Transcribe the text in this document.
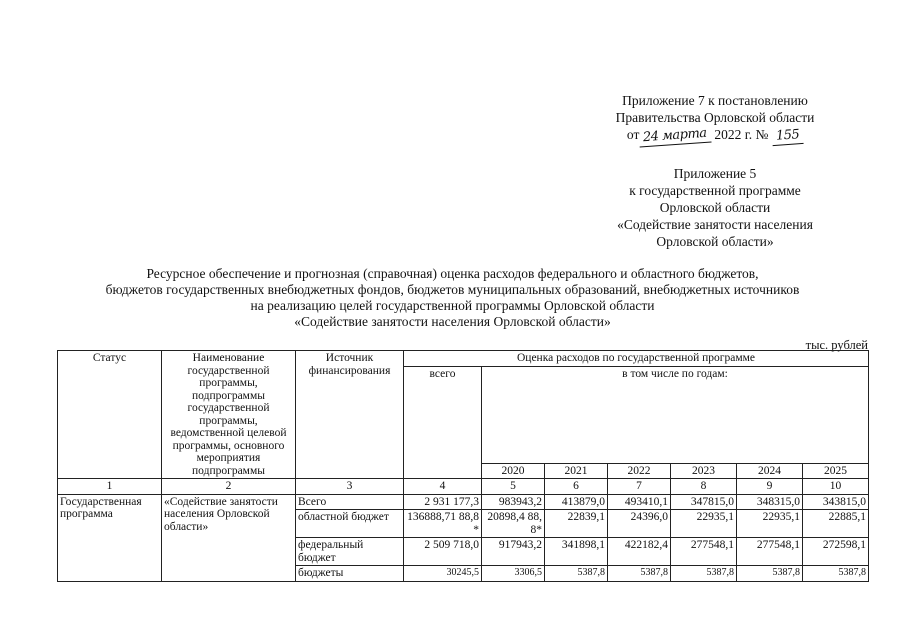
Приложение 7 к постановлению
Правительства Орловской области
от 24 марта 2022 г. № 155
Приложение 5
к государственной программе
Орловской области
«Содействие занятости населения
Орловской области»
Ресурсное обеспечение и прогнозная (справочная) оценка расходов федерального и областного бюджетов,
бюджетов государственных внебюджетных фондов, бюджетов муниципальных образований, внебюджетных источников
на реализацию целей государственной программы Орловской области
«Содействие занятости населения Орловской области»
тыс. рублей
Статус	Наименование государственной программы, подпрограммы государственной программы, ведомственной целевой программы, основного мероприятия подпрограммы	Источник финансирования	Оценка расходов по государственной программе						
			всего	в том числе по годам:					
				2020	2021	2022	2023	2024	2025
1	2	3	4	5	6	7	8	9	10
Государственная программа	«Содействие занятости населения Орловской области»	Всего	2 931 177,3	983943,2	413879,0	493410,1	347815,0	348315,0	343815,0
		областной бюджет	136888,71 88,8*	20898,4 88,8*	22839,1	24396,0	22935,1	22935,1	22885,1
		федеральный бюджет	2 509 718,0	917943,2	341898,1	422182,4	277548,1	277548,1	272598,1
		бюджеты	30245,5	3306,5	5387,8	5387,8	5387,8	5387,8	5387,8
